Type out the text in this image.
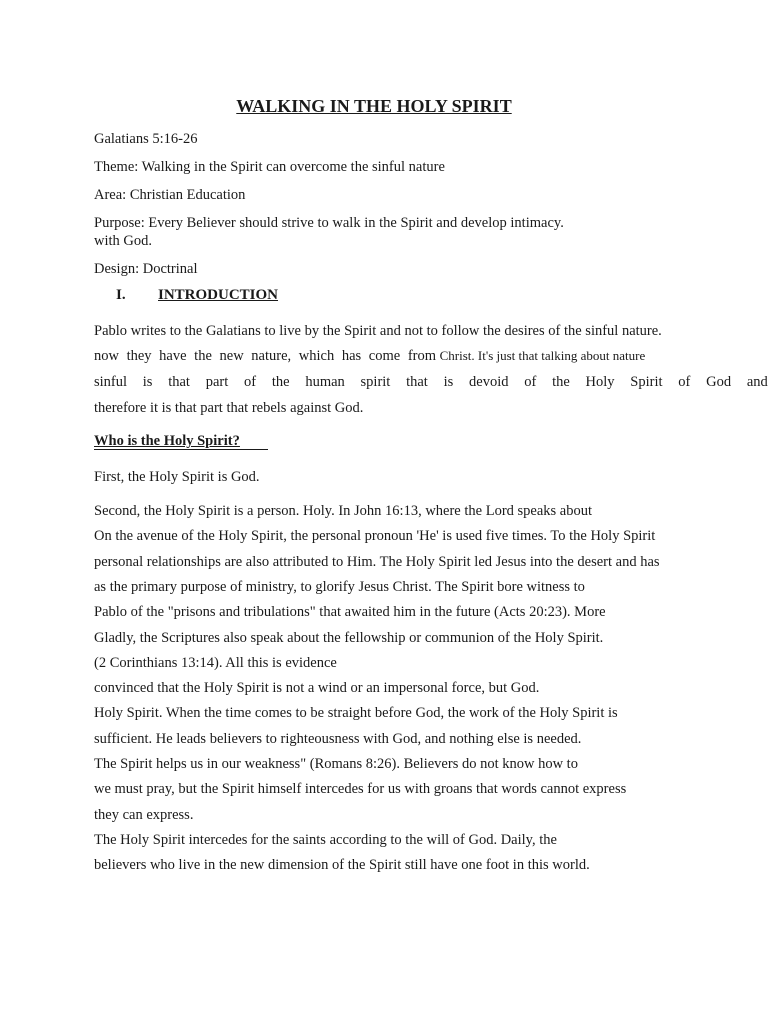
WALKING IN THE HOLY SPIRIT
Galatians 5:16-26
Theme: Walking in the Spirit can overcome the sinful nature
Area: Christian Education
Purpose: Every Believer should strive to walk in the Spirit and develop intimacy.
with God.
Design: Doctrinal
I. INTRODUCTION
Pablo writes to the Galatians to live by the Spirit and not to follow the desires of the sinful nature.
now they have the new nature, which has come from Christ. It's just that talking about nature
sinful is that part of the human spirit that is devoid of the Holy Spirit of God and
therefore it is that part that rebels against God.
Who is the Holy Spirit?
First, the Holy Spirit is God.
Second, the Holy Spirit is a person. Holy. In John 16:13, where the Lord speaks about
On the avenue of the Holy Spirit, the personal pronoun 'He' is used five times. To the Holy Spirit
personal relationships are also attributed to Him. The Holy Spirit led Jesus into the desert and has
as the primary purpose of ministry, to glorify Jesus Christ. The Spirit bore witness to
Pablo of the "prisons and tribulations" that awaited him in the future (Acts 20:23). More
Gladly, the Scriptures also speak about the fellowship or communion of the Holy Spirit.
(2 Corinthians 13:14). All this is evidence
convinced that the Holy Spirit is not a wind or an impersonal force, but God.
Holy Spirit. When the time comes to be straight before God, the work of the Holy Spirit is
sufficient. He leads believers to righteousness with God, and nothing else is needed.
The Spirit helps us in our weakness" (Romans 8:26). Believers do not know how to
we must pray, but the Spirit himself intercedes for us with groans that words cannot express
they can express.
The Holy Spirit intercedes for the saints according to the will of God. Daily, the
believers who live in the new dimension of the Spirit still have one foot in this world.
